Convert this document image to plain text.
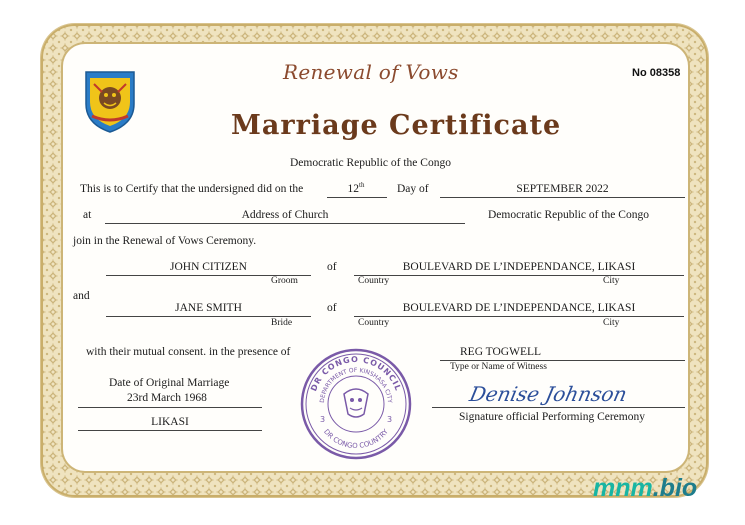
Renewal of Vows	No 08358
Marriage Certificate
Democratic Republic of the Congo
This is to Certify that the undersigned did on the	12th	Day of	SEPTEMBER 2022
at	Address of Church	Democratic Republic of the Congo
join in the Renewal of Vows Ceremony.
JOHN CITIZEN
Groom
of	BOULEVARD DE L’INDEPENDANCE, LIKASI
Country	City
and
JANE SMITH
Bride
of	BOULEVARD DE L’INDEPENDANCE, LIKASI
Country	City
with their mutual consent. in the presence of	REG TOGWELL
Type or Name of Witness
Date of Original Marriage
23rd March 1968
LIKASI
DR CONGO COUNCIL
DEPARTMENT OF KINSHASA CITY
DR CONGO COUNTRY
3	3
Denise Johnson
Signature official Performing Ceremony
mnm.bio
